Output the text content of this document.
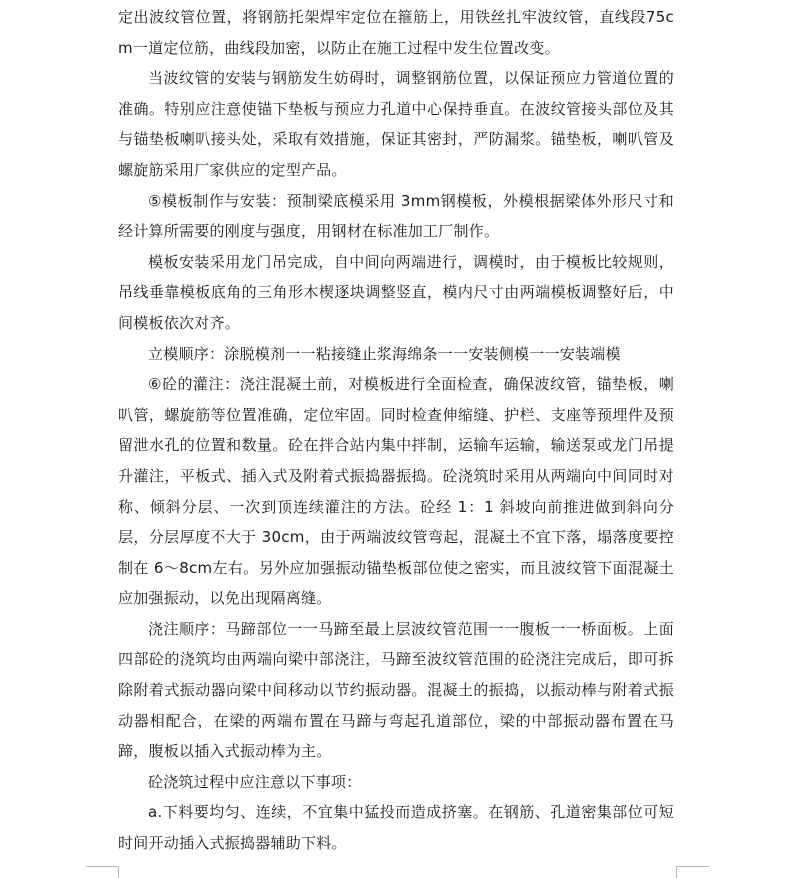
定出波纹管位置，将钢筋托架焊牢定位在箍筋上，用铁丝扎牢波纹管，直线段75cm一道定位筋，曲线段加密，以防止在施工过程中发生位置改变。

当波纹管的安装与钢筋发生妨碍时，调整钢筋位置，以保证预应力管道位置的准确。特别应注意使锚下垫板与预应力孔道中心保持垂直。在波纹管接头部位及其与锚垫板喇叭接头处，采取有效措施，保证其密封，严防漏浆。锚垫板，喇叭管及螺旋筋采用厂家供应的定型产品。

⑤模板制作与安装：预制梁底模采用 3mm钢模板，外模根据梁体外形尺寸和经计算所需要的刚度与强度，用钢材在标准加工厂制作。

模板安装采用龙门吊完成，自中间向两端进行，调模时，由于模板比较规则，吊线垂靠模板底角的三角形木楔逐块调整竖直，模内尺寸由两端模板调整好后，中间模板依次对齐。

立模顺序：涂脱模剂一一粘接缝止浆海绵条一一安装侧模一一安装端模

⑥砼的灌注：浇注混凝土前，对模板进行全面检查，确保波纹管，锚垫板，喇叭管，螺旋筋等位置准确，定位牢固。同时检查伸缩缝、护栏、支座等预埋件及预留泄水孔的位置和数量。砼在拌合站内集中拌制，运输车运输，输送泵或龙门吊提升灌注，平板式、插入式及附着式振捣器振捣。砼浇筑时采用从两端向中间同时对称、倾斜分层、一次到顶连续灌注的方法。砼经 1：1 斜坡向前推进做到斜向分层，分层厚度不大于 30cm，由于两端波纹管弯起，混凝土不宜下落，塌落度要控制在 6～8cm左右。另外应加强振动锚垫板部位使之密实，而且波纹管下面混凝土应加强振动，以免出现隔离缝。

浇注顺序：马蹄部位一一马蹄至最上层波纹管范围一一腹板一一桥面板。上面四部砼的浇筑均由两端向梁中部浇注，马蹄至波纹管范围的砼浇注完成后，即可拆除附着式振动器向梁中间移动以节约振动器。混凝土的振捣，以振动棒与附着式振动器相配合，在梁的两端布置在马蹄与弯起孔道部位，梁的中部振动器布置在马蹄，腹板以插入式振动棒为主。

砼浇筑过程中应注意以下事项：

a.下料要均匀、连续，不宜集中猛投而造成挤塞。在钢筋、孔道密集部位可短时间开动插入式振捣器辅助下料。
